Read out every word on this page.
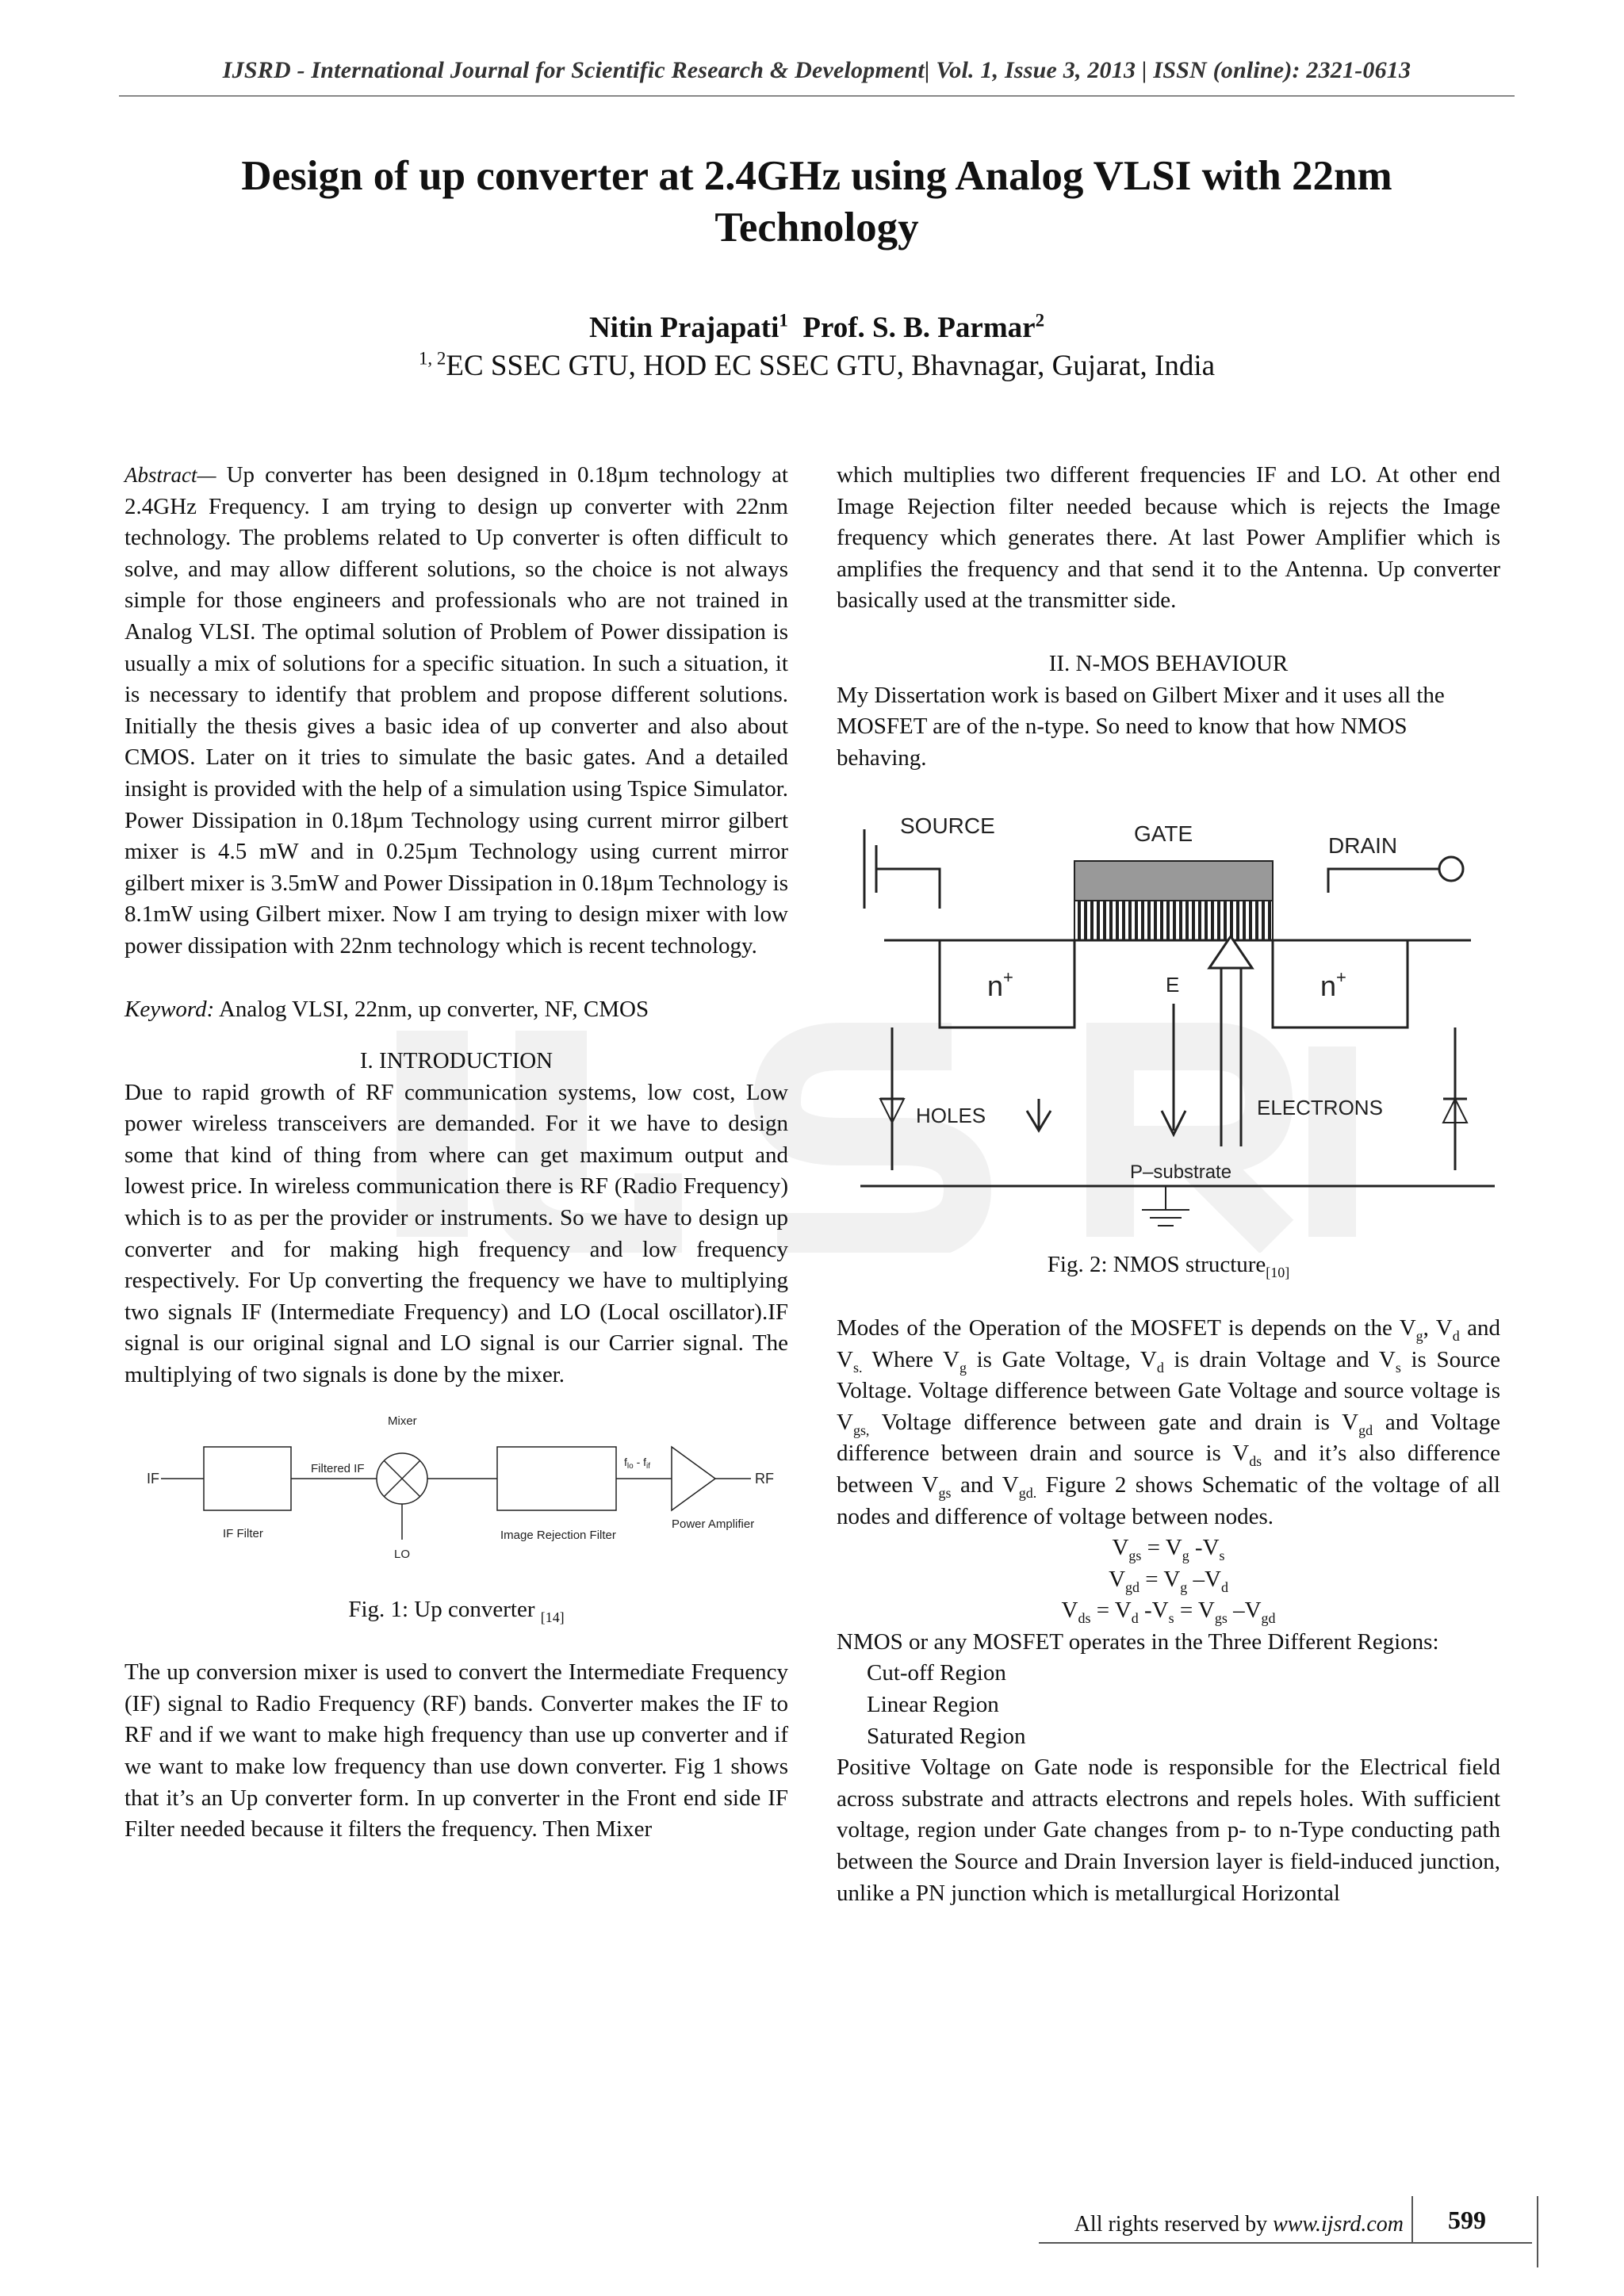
IJSRD - International Journal for Scientific Research & Development| Vol. 1, Issue 3, 2013 | ISSN (online): 2321-0613
Design of up converter at 2.4GHz using Analog VLSI with 22nm
Technology
Nitin Prajapati$^1$ Prof. S. B. Parmar$^2$
$^{1, 2}$EC SSEC GTU, HOD EC SSEC GTU, Bhavnagar, Gujarat, India

Abstract— Up converter has been designed in 0.18µm technology at 2.4GHz Frequency. I am trying to design up converter with 22nm technology. The problems related to Up converter is often difficult to solve, and may allow different solutions, so the choice is not always simple for those engineers and professionals who are not trained in Analog VLSI. The optimal solution of Problem of Power dissipation is usually a mix of solutions for a specific situation. In such a situation, it is necessary to identify that problem and propose different solutions. Initially the thesis gives a basic idea of up converter and also about CMOS. Later on it tries to simulate the basic gates. And a detailed insight is provided with the help of a simulation using Tspice Simulator. Power Dissipation in 0.18µm Technology using current mirror gilbert mixer is 4.5 mW and in 0.25µm Technology using current mirror gilbert mixer is 3.5mW and Power Dissipation in 0.18µm Technology is 8.1mW using Gilbert mixer. Now I am trying to design mixer with low power dissipation with 22nm technology which is recent technology.

Keyword: Analog VLSI, 22nm, up converter, NF, CMOS

I. INTRODUCTION

Due to rapid growth of RF communication systems, low cost, Low power wireless transceivers are demanded. For it we have to design some that kind of thing from where can get maximum output and lowest price. In wireless communication there is RF (Radio Frequency) which is to as per the provider or instruments. So we have to design up converter and for making high frequency and low frequency respectively. For Up converting the frequency we have to multiplying two signals IF (Intermediate Frequency) and LO (Local oscillator).IF signal is our original signal and LO signal is our Carrier signal. The multiplying of two signals is done by the mixer.

IF
IF Filter
Filtered IF
Mixer
LO
Image Rejection Filter
$f_{lo} - f_{if}$
RF
Power Amplifier

Fig. 1: Up converter $_{[14]}$

The up conversion mixer is used to convert the Intermediate Frequency (IF) signal to Radio Frequency (RF) bands. Converter makes the IF to RF and if we want to make high frequency than use up converter and if we want to make low frequency than use down converter. Fig 1 shows that it’s an Up converter form. In up converter in the Front end side IF Filter needed because it filters the frequency. Then Mixer

which multiplies two different frequencies IF and LO. At other end Image Rejection filter needed because which is rejects the Image frequency which generates there. At last Power Amplifier which is amplifies the frequency and that send it to the Antenna. Up converter basically used at the transmitter side.

II. N-MOS BEHAVIOUR

My Dissertation work is based on Gilbert Mixer and it uses all the MOSFET are of the n-type. So need to know that how NMOS behaving.

SOURCE	GATE	DRAIN
n+	n+
E
HOLES	ELECTRONS
P–substrate

Fig. 2: NMOS structure$_{[10]}$

Modes of the Operation of the MOSFET is depends on the $V_g$, $V_d$ and $V_{s.}$ Where $V_g$ is Gate Voltage, $V_d$ is drain Voltage and $V_s$ is Source Voltage. Voltage difference between Gate Voltage and source voltage is $V_{gs,}$ Voltage difference between gate and drain is $V_{gd}$ and Voltage difference between drain and source is $V_{ds}$ and it’s also difference between $V_{gs}$ and $V_{gd.}$ Figure 2 shows Schematic of the voltage of all nodes and difference of voltage between nodes.

$V_{gs} = V_g$ $-V_s$

$V_{gd} = V_g$ $-V_d$

$V_{ds} = V_d$ $-V_s = V_{gs}$ $-V_{gd}$

NMOS or any MOSFET operates in the Three Different Regions:

Cut-off Region

Linear Region

Saturated Region

Positive Voltage on Gate node is responsible for the Electrical field across substrate and attracts electrons and repels holes. With sufficient voltage, region under Gate changes from p- to n-Type conducting path between the Source and Drain Inversion layer is field-induced junction, unlike a PN junction which is metallurgical Horizontal

All rights reserved by www.ijsrd.com	599
